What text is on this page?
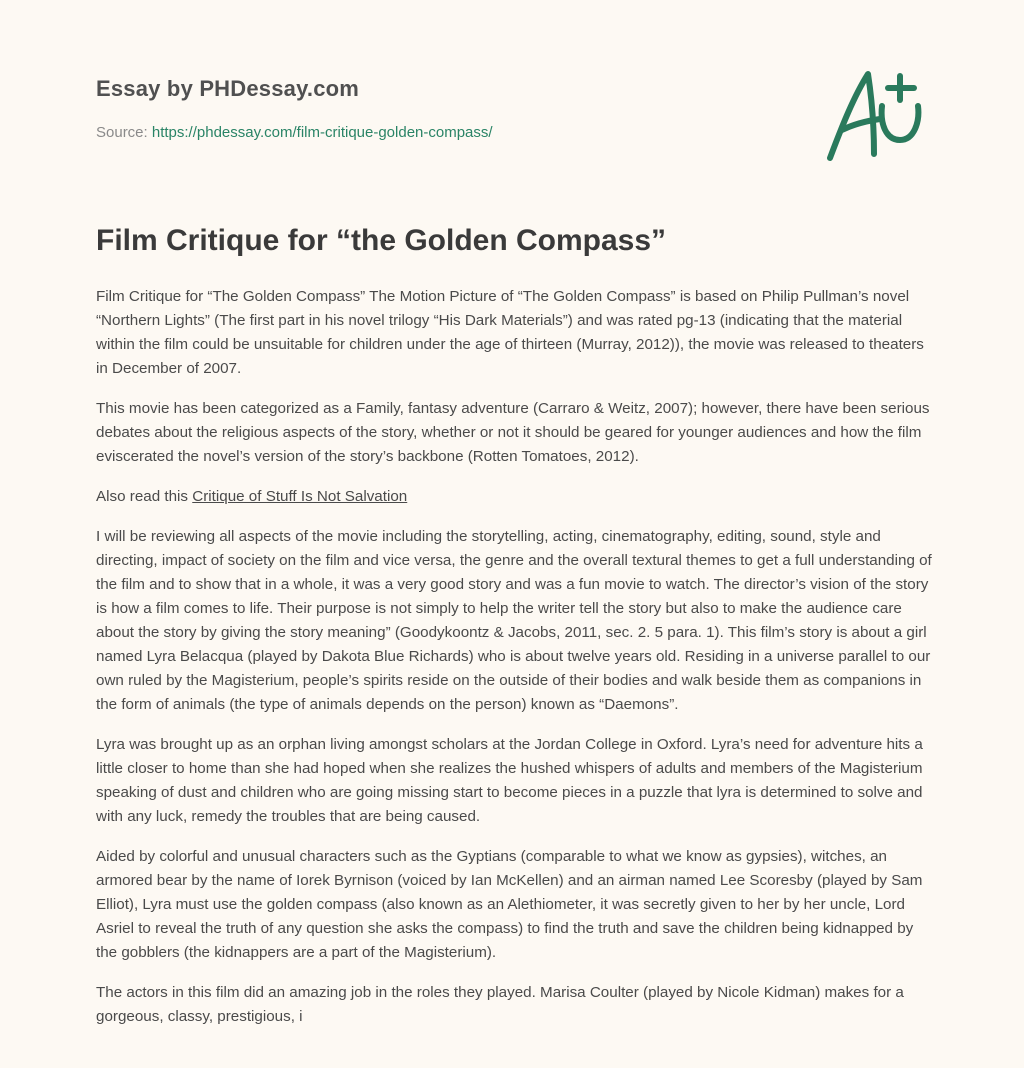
Essay by PHDessay.com
Source: https://phdessay.com/film-critique-golden-compass/
Film Critique for “the Golden Compass”

Film Critique for “The Golden Compass” The Motion Picture of “The Golden Compass” is based on Philip Pullman’s novel “Northern Lights” (The first part in his novel trilogy “His Dark Materials”) and was rated pg-13 (indicating that the material within the film could be unsuitable for children under the age of thirteen (Murray, 2012)), the movie was released to theaters in December of 2007.

This movie has been categorized as a Family, fantasy adventure (Carraro & Weitz, 2007); however, there have been serious debates about the religious aspects of the story, whether or not it should be geared for younger audiences and how the film eviscerated the novel’s version of the story’s backbone (Rotten Tomatoes, 2012).

Also read this Critique of Stuff Is Not Salvation

I will be reviewing all aspects of the movie including the storytelling, acting, cinematography, editing, sound, style and directing, impact of society on the film and vice versa, the genre and the overall textural themes to get a full understanding of the film and to show that in a whole, it was a very good story and was a fun movie to watch. The director’s vision of the story is how a film comes to life. Their purpose is not simply to help the writer tell the story but also to make the audience care about the story by giving the story meaning” (Goodykoontz & Jacobs, 2011, sec. 2. 5 para. 1). This film’s story is about a girl named Lyra Belacqua (played by Dakota Blue Richards) who is about twelve years old. Residing in a universe parallel to our own ruled by the Magisterium, people’s spirits reside on the outside of their bodies and walk beside them as companions in the form of animals (the type of animals depends on the person) known as “Daemons”.

Lyra was brought up as an orphan living amongst scholars at the Jordan College in Oxford. Lyra’s need for adventure hits a little closer to home than she had hoped when she realizes the hushed whispers of adults and members of the Magisterium speaking of dust and children who are going missing start to become pieces in a puzzle that lyra is determined to solve and with any luck, remedy the troubles that are being caused.

Aided by colorful and unusual characters such as the Gyptians (comparable to what we know as gypsies), witches, an armored bear by the name of Iorek Byrnison (voiced by Ian McKellen) and an airman named Lee Scoresby (played by Sam Elliot), Lyra must use the golden compass (also known as an Alethiometer, it was secretly given to her by her uncle, Lord Asriel to reveal the truth of any question she asks the compass) to find the truth and save the children being kidnapped by the gobblers (the kidnappers are a part of the Magisterium).

The actors in this film did an amazing job in the roles they played. Marisa Coulter (played by Nicole Kidman) makes for a gorgeous, classy, prestigious, i
